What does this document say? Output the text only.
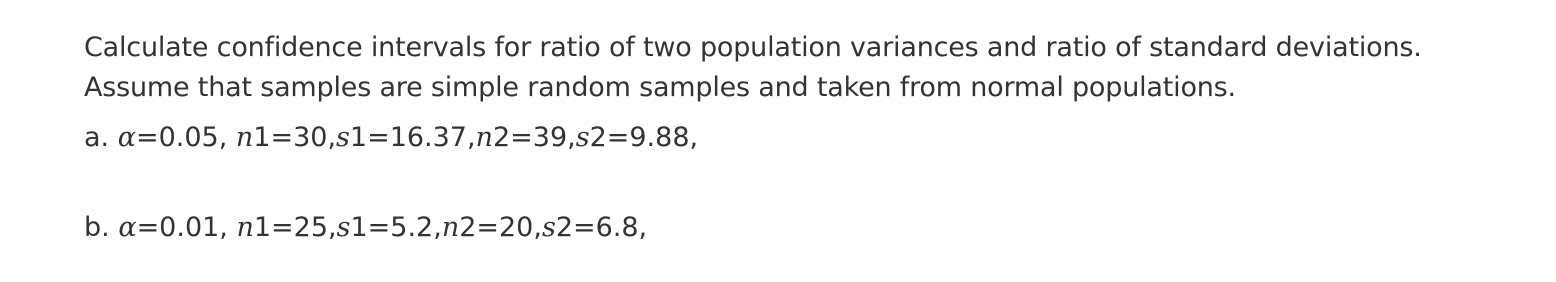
Calculate confidence intervals for ratio of two population variances and ratio of standard deviations.
Assume that samples are simple random samples and taken from normal populations.

a. α=0.05, n1=30,s1=16.37,n2=39,s2=9.88,

b. α=0.01, n1=25,s1=5.2,n2=20,s2=6.8,
